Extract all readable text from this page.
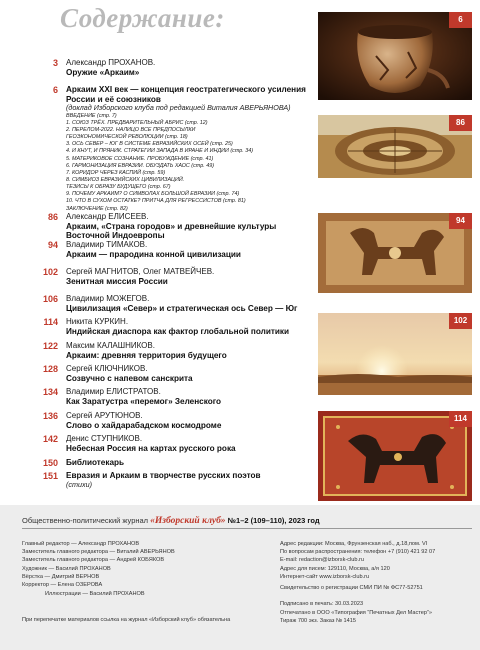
Содержание:
3 Александр ПРОХАНОВ.
Оружие «Аркаим»
6 Аркаим XXI век — концепция геостратегического усиления
России и её союзников
(доклад Изборского клуба под редакцией Виталия АВЕРЬЯНОВА)
ВВЕДЕНИЕ (стр. 7)
1. СОЮЗ ТРЁХ. ПРЕДВАРИТЕЛЬНЫЙ АБРИС (стр. 12)
2. ПЕРЕЛОМ-2022. НАЛИЦО ВСЕ ПРЕДПОСЫЛКИ
ГЕОЭКОНОМИЧЕСКОЙ РЕВОЛЮЦИИ (стр. 18)
3. ОСЬ СЕВЕР – ЮГ В СИСТЕМЕ ЕВРАЗИЙСКИХ ОСЕЙ (стр. 25)
4. И КНУТ, И ПРЯНИК. СТРАТЕГИИ ЗАПАДА В ИРАНЕ И ИНДИИ (стр. 34)
5. МАТЕРИКОВОЕ СОЗНАНИЕ. ПРОБУЖДЕНИЕ (стр. 41)
6. ГАРМОНИЗАЦИЯ ЕВРАЗИИ. ОБУЗДАТЬ ХАОС (стр. 49)
7. КОРИДОР ЧЕРЕЗ КАСПИЙ (стр. 59)
8. СИМБИОЗ ЕВРАЗИЙСКИХ ЦИВИЛИЗАЦИЙ.
ТЕЗИСЫ К ОБРАЗУ БУДУЩЕГО (стр. 67)
9. ПОЧЕМУ АРКАИМ? О СИМВОЛАХ БОЛЬШОЙ ЕВРАЗИИ (стр. 74)
10. ЧТО В СУХОМ ОСТАТКЕ? ПРИТЧА ДЛЯ РЕГРЕССИСТОВ (стр. 81)
ЗАКЛЮЧЕНИЕ (стр. 82)
86 Александр ЕЛИСЕЕВ.
Аркаим, «Страна городов» и древнейшие культуры
Восточной Индоевропы
94 Владимир ТИМАКОВ.
Аркаим — прародина конной цивилизации
102 Сергей МАГНИТОВ, Олег МАТВЕЙЧЕВ.
Зенитная миссия России
106 Владимир МОЖЕГОВ.
Цивилизация «Север» и стратегическая ось Север — Юг
114 Никита КУРКИН.
Индийская диаспора как фактор глобальной политики
122 Максим КАЛАШНИКОВ.
Аркаим: древняя территория будущего
128 Сергей КЛЮЧНИКОВ.
Созвучно с напевом санскрита
134 Владимир ЕЛИСТРАТОВ.
Как Заратустра «перемог» Зеленского
136 Сергей АРУТЮНОВ.
Слово о хайдарабадском космодроме
142 Денис СТУПНИКОВ.
Небесная Россия на картах русского рока
150 Библиотекарь
151 Евразия и Аркаим в творчестве русских поэтов
(стихи)
6
86
94
102
114
Общественно-политический журнал «Изборский клуб» №1–2 (109–110), 2023 год
Главный редактор — Александр ПРОХАНОВ
Заместитель главного редактора — Виталий АВЕРЬЯНОВ
Заместитель главного редактора — Андрей КОБЯКОВ
Художник — Василий ПРОХАНОВ
Вёрстка — Дмитрий ВЕРНОВ
Корректор — Елена ОЗЕРОВА
Иллюстрации — Василий ПРОХАНОВ
При перепечатке материалов ссылка на журнал «Изборский клуб» обязательна
Адрес редакции: Москва, Фрунзенская наб., д.18,пом. VI
По вопросам распространения: телефон +7 (910) 421 92 07
E-mail: redaction@izborsk-club.ru
Адрес для писем: 129110, Москва, а/я 120
Интернет-сайт www.izborsk-club.ru
Свидетельство о регистрации СМИ ПИ № ФС77-52751
Подписано в печать: 30.03.2023
Отпечатано в ООО «Типография “Печатных Дел Мастер”»
Тираж 700 экз. Заказ № 1415
